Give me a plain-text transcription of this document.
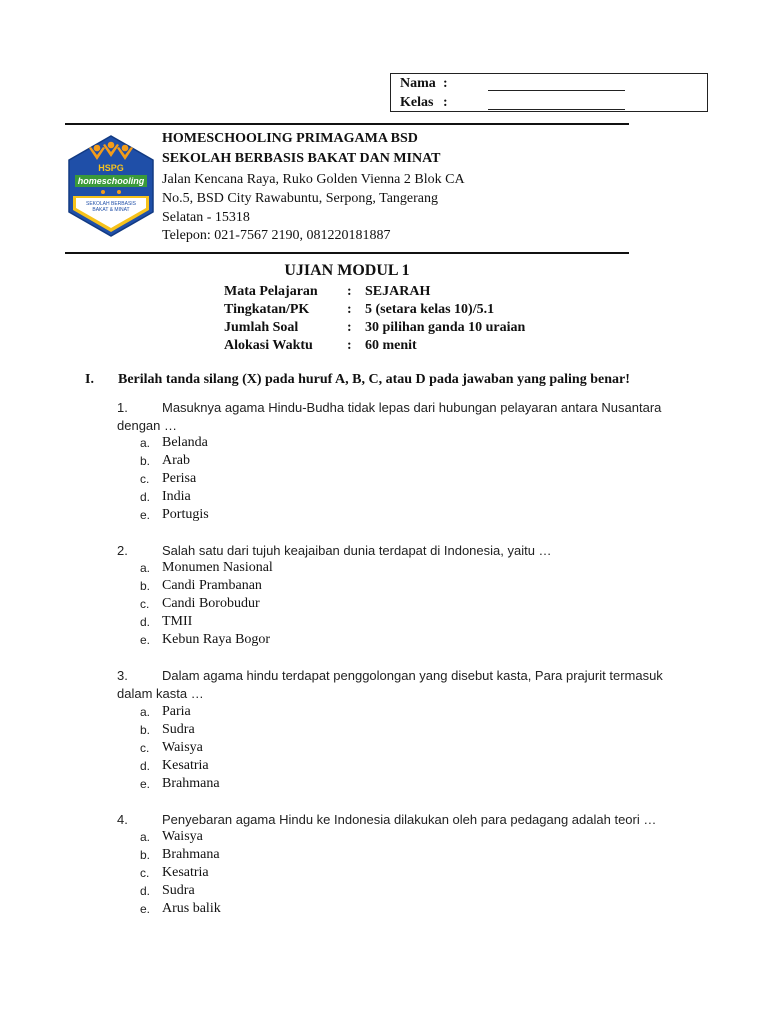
Nama :
Kelas :
HSPG
homeschooling
SEKOLAH BERBASIS
BAKAT & MINAT
HOMESCHOOLING PRIMAGAMA BSD
SEKOLAH BERBASIS BAKAT DAN MINAT
Jalan Kencana Raya, Ruko Golden Vienna 2 Blok CA
No.5, BSD City Rawabuntu, Serpong, Tangerang
Selatan - 15318
Telepon: 021-7567 2190, 081220181887
UJIAN MODUL 1
Mata Pelajaran : SEJARAH
Tingkatan/PK	: 5 (setara kelas 10)/5.1
Jumlah Soal	: 30 pilihan ganda 10 uraian
Alokasi Waktu : 60 menit
I. Berilah tanda silang (X) pada huruf A, B, C, atau D pada jawaban yang paling benar!
1.	Masuknya agama Hindu-Budha tidak lepas dari hubungan pelayaran antara Nusantara
dengan …
a. Belanda
b. Arab
c. Perisa
d. India
e. Portugis
2.	Salah satu dari tujuh keajaiban dunia terdapat di Indonesia, yaitu …
a. Monumen Nasional
b. Candi Prambanan
c. Candi Borobudur
d. TMII
e. Kebun Raya Bogor
3.	Dalam agama hindu terdapat penggolongan yang disebut kasta, Para prajurit termasuk
dalam kasta …
a. Paria
b. Sudra
c. Waisya
d. Kesatria
e. Brahmana
4.	Penyebaran agama Hindu ke Indonesia dilakukan oleh para pedagang adalah teori …
a. Waisya
b. Brahmana
c. Kesatria
d. Sudra
e. Arus balik
